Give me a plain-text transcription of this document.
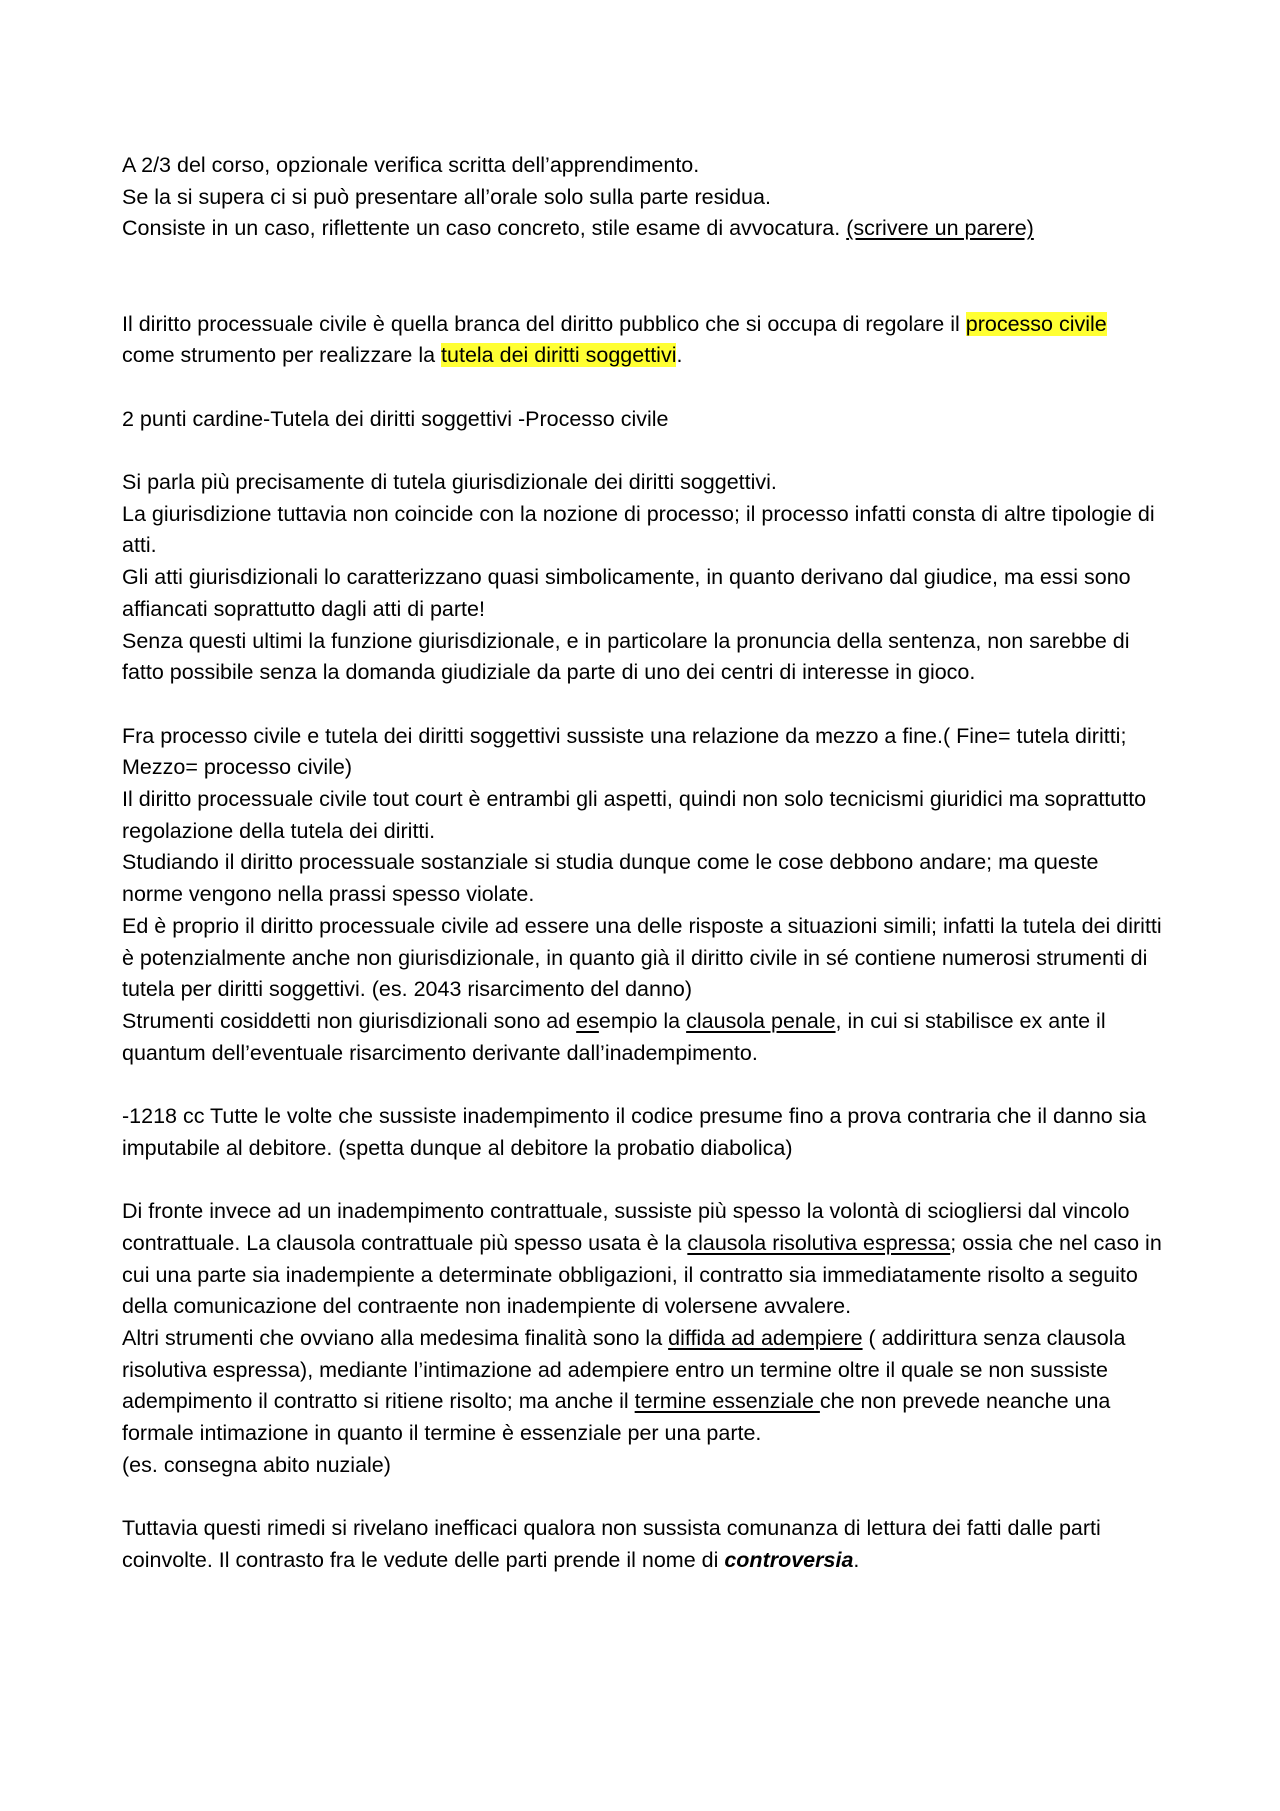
A 2/3 del corso, opzionale verifica scritta dell’apprendimento.

Se la si supera ci si può presentare all’orale solo sulla parte residua.

Consiste in un caso, riflettente un caso concreto, stile esame di avvocatura. (scrivere un parere)

Il diritto processuale civile è quella branca del diritto pubblico che si occupa di regolare il processo civile come strumento per realizzare la tutela dei diritti soggettivi.

2 punti cardine-Tutela dei diritti soggettivi -Processo civile

Si parla più precisamente di tutela giurisdizionale dei diritti soggettivi.

La giurisdizione tuttavia non coincide con la nozione di processo; il processo infatti consta di altre tipologie di atti.

Gli atti giurisdizionali lo caratterizzano quasi simbolicamente, in quanto derivano dal giudice, ma essi sono affiancati soprattutto dagli atti di parte!

Senza questi ultimi la funzione giurisdizionale, e in particolare la pronuncia della sentenza, non sarebbe di fatto possibile senza la domanda giudiziale da parte di uno dei centri di interesse in gioco.

Fra processo civile e tutela dei diritti soggettivi sussiste una relazione da mezzo a fine.( Fine= tutela diritti; Mezzo= processo civile)

Il diritto processuale civile tout court è entrambi gli aspetti, quindi non solo tecnicismi giuridici ma soprattutto regolazione della tutela dei diritti.

Studiando il diritto processuale sostanziale si studia dunque come le cose debbono andare; ma queste norme vengono nella prassi spesso violate.

Ed è proprio il diritto processuale civile ad essere una delle risposte a situazioni simili; infatti la tutela dei diritti è potenzialmente anche non giurisdizionale, in quanto già il diritto civile in sé contiene numerosi strumenti di tutela per diritti soggettivi. (es. 2043 risarcimento del danno)

Strumenti cosiddetti non giurisdizionali sono ad esempio la clausola penale, in cui si stabilisce ex ante il quantum dell’eventuale risarcimento derivante dall’inadempimento.

-1218 cc Tutte le volte che sussiste inadempimento il codice presume fino a prova contraria che il danno sia imputabile al debitore. (spetta dunque al debitore la probatio diabolica)

Di fronte invece ad un inadempimento contrattuale, sussiste più spesso la volontà di sciogliersi dal vincolo contrattuale. La clausola contrattuale più spesso usata è la clausola risolutiva espressa; ossia che nel caso in cui una parte sia inadempiente a determinate obbligazioni, il contratto sia immediatamente risolto a seguito della comunicazione del contraente non inadempiente di volersene avvalere.

Altri strumenti che ovviano alla medesima finalità sono la diffida ad adempiere ( addirittura senza clausola risolutiva espressa), mediante l’intimazione ad adempiere entro un termine oltre il quale se non sussiste adempimento il contratto si ritiene risolto; ma anche il termine essenziale che non prevede neanche una formale intimazione in quanto il termine è essenziale per una parte.

(es. consegna abito nuziale)

Tuttavia questi rimedi si rivelano inefficaci qualora non sussista comunanza di lettura dei fatti dalle parti coinvolte. Il contrasto fra le vedute delle parti prende il nome di controversia.
